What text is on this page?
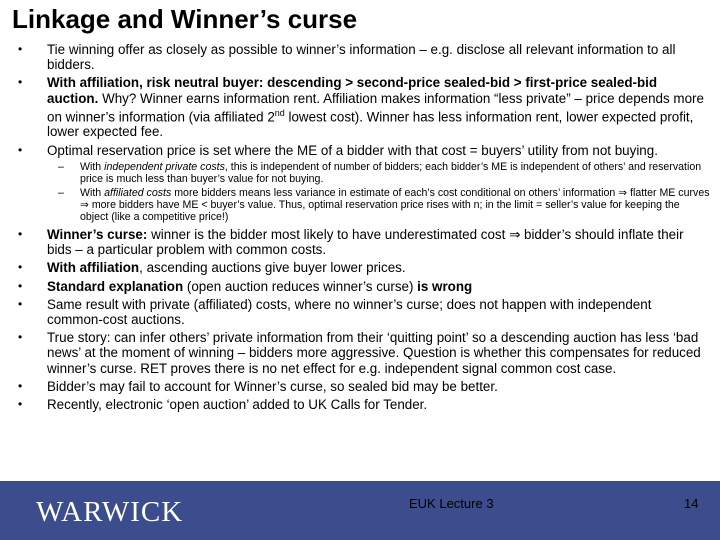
Linkage and Winner’s curse
• Tie winning offer as closely as possible to winner’s information – e.g. disclose all relevant information to all bidders.
• With affiliation, risk neutral buyer: descending > second-price sealed-bid > first-price sealed-bid auction. Why? Winner earns information rent. Affiliation makes information “less private” – price depends more on winner’s information (via affiliated 2nd lowest cost). Winner has less information rent, lower expected profit, lower expected fee.
• Optimal reservation price is set where the ME of a bidder with that cost = buyers’ utility from not buying.
– With independent private costs, this is independent of number of bidders; each bidder’s ME is independent of others’ and reservation price is much less than buyer’s value for not buying.
– With affiliated costs more bidders means less variance in estimate of each’s cost conditional on others’ information ⇒ flatter ME curves ⇒ more bidders have ME < buyer’s value. Thus, optimal reservation price rises with n; in the limit = seller’s value for keeping the object (like a competitive price!)
• Winner’s curse: winner is the bidder most likely to have underestimated cost ⇒ bidder’s should inflate their bids – a particular problem with common costs.
• With affiliation, ascending auctions give buyer lower prices.
• Standard explanation (open auction reduces winner’s curse) is wrong
• Same result with private (affiliated) costs, where no winner’s curse; does not happen with independent common-cost auctions.
• True story: can infer others’ private information from their ‘quitting point’ so a descending auction has less ‘bad news’ at the moment of winning – bidders more aggressive. Question is whether this compensates for reduced winner’s curse. RET proves there is no net effect for e.g. independent signal common cost case.
• Bidder’s may fail to account for Winner’s curse, so sealed bid may be better.
• Recently, electronic ‘open auction’ added to UK Calls for Tender.
WARWICK	EUK Lecture 3	14
